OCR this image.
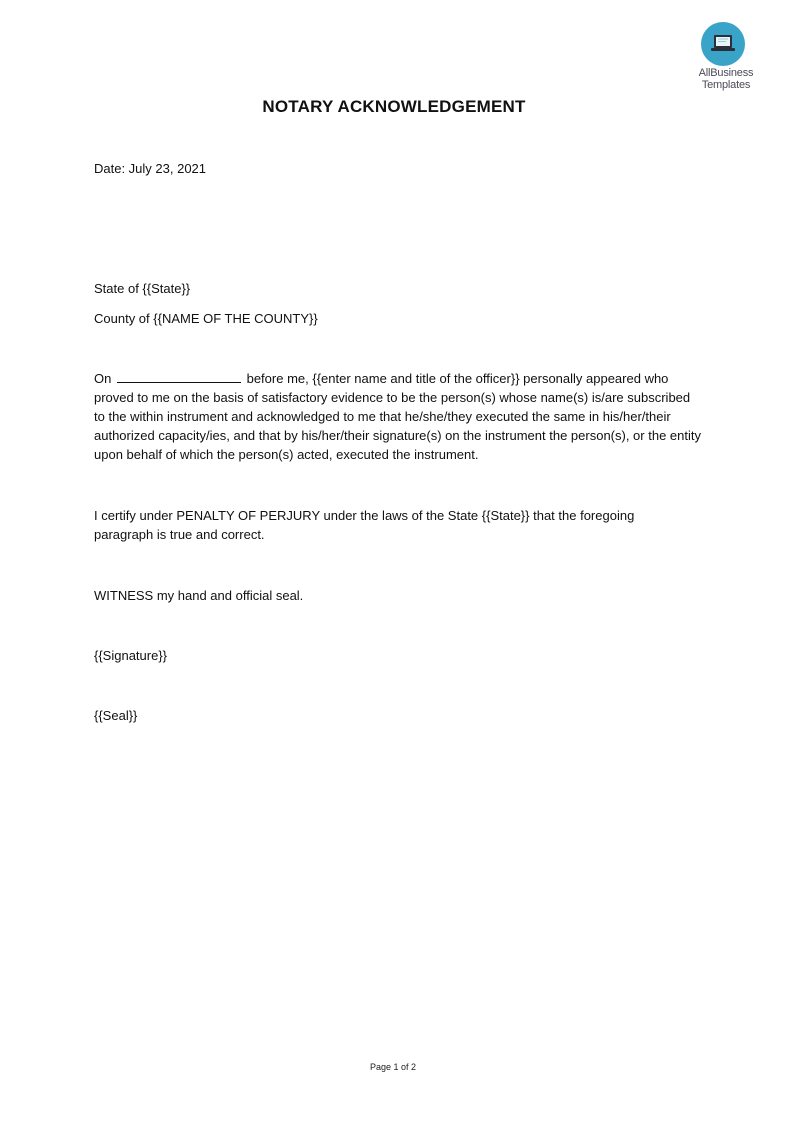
AllBusiness
Templates
NOTARY ACKNOWLEDGEMENT
Date: July 23, 2021
State of {{State}}
County of {{NAME OF THE COUNTY}}
On	before me, {{enter name and title of the officer}} personally appeared who proved to me on the basis of satisfactory evidence to be the person(s) whose name(s) is/are subscribed to the within instrument and acknowledged to me that he/she/they executed the same in his/her/their authorized capacity/ies, and that by his/her/their signature(s) on the instrument the person(s), or the entity upon behalf of which the person(s) acted, executed the instrument.
I certify under PENALTY OF PERJURY under the laws of the State {{State}} that the foregoing paragraph is true and correct.
WITNESS my hand and official seal.
{{Signature}}
{{Seal}}
Page 1 of 2
